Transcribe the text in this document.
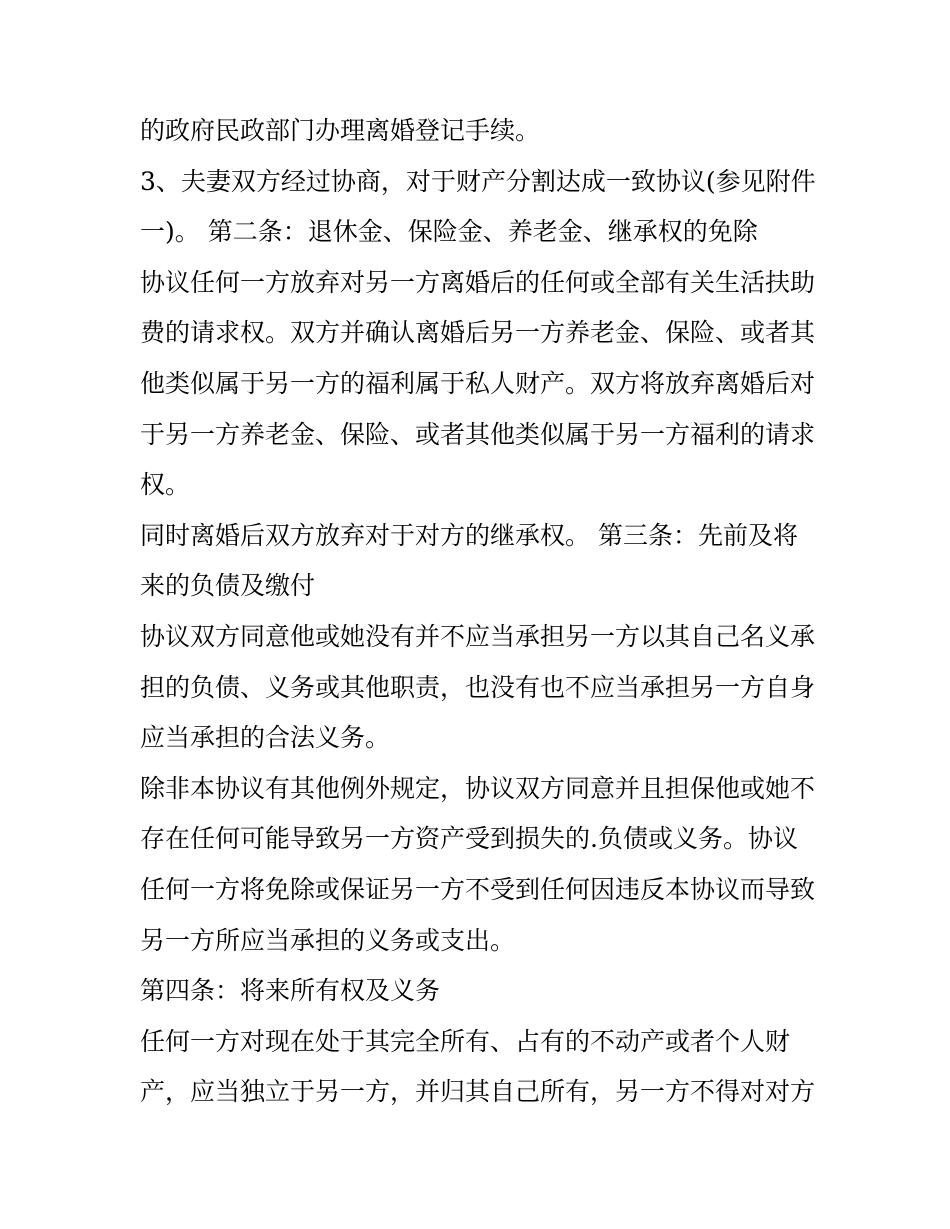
的政府民政部门办理离婚登记手续。
3、夫妻双方经过协商，对于财产分割达成一致协议(参见附件
一)。 第二条：退休金、保险金、养老金、继承权的免除
协议任何一方放弃对另一方离婚后的任何或全部有关生活扶助
费的请求权。双方并确认离婚后另一方养老金、保险、或者其
他类似属于另一方的福利属于私人财产。双方将放弃离婚后对
于另一方养老金、保险、或者其他类似属于另一方福利的请求
权。
同时离婚后双方放弃对于对方的继承权。 第三条：先前及将
来的负债及缴付
协议双方同意他或她没有并不应当承担另一方以其自己名义承
担的负债、义务或其他职责，也没有也不应当承担另一方自身
应当承担的合法义务。
除非本协议有其他例外规定，协议双方同意并且担保他或她不
存在任何可能导致另一方资产受到损失的.负债或义务。协议
任何一方将免除或保证另一方不受到任何因违反本协议而导致
另一方所应当承担的义务或支出。
第四条：将来所有权及义务
任何一方对现在处于其完全所有、占有的不动产或者个人财
产，应当独立于另一方，并归其自己所有，另一方不得对对方
